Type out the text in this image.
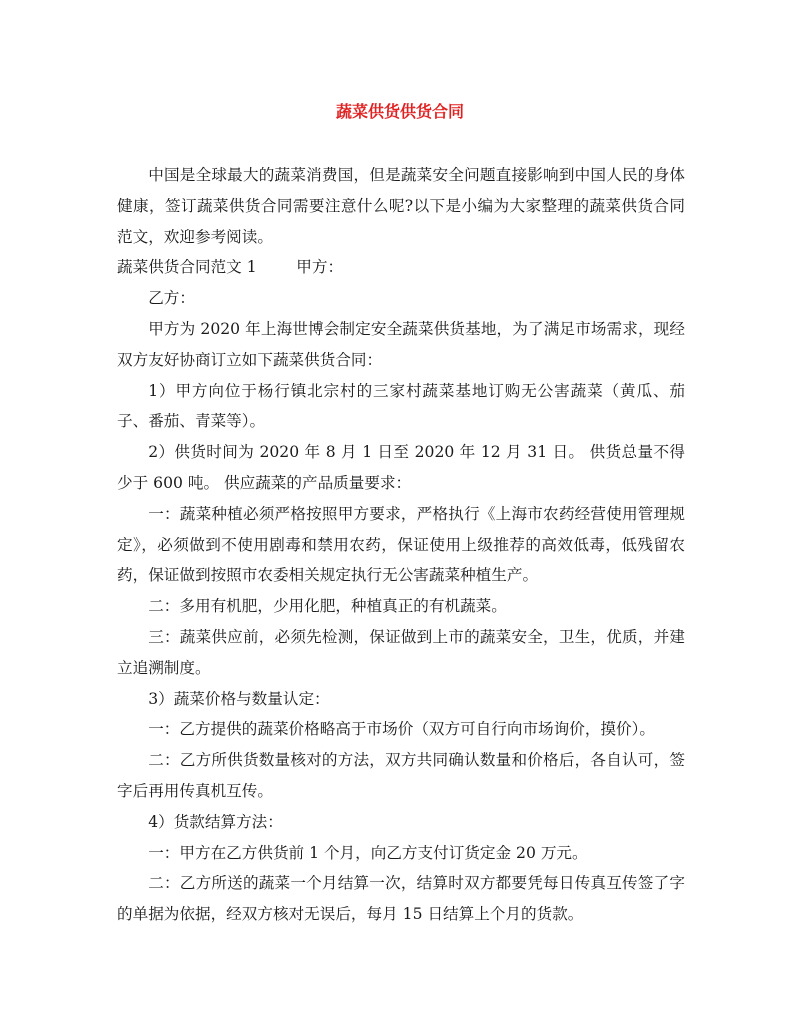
蔬菜供货供货合同

中国是全球最大的蔬菜消费国，但是蔬菜安全问题直接影响到中国人民的身体健康，签订蔬菜供货合同需要注意什么呢?以下是小编为大家整理的蔬菜供货合同范文，欢迎参考阅读。

蔬菜供货合同范文 1        甲方：

乙方：

甲方为 2020 年上海世博会制定安全蔬菜供货基地，为了满足市场需求，现经双方友好协商订立如下蔬菜供货合同：

1）甲方向位于杨行镇北宗村的三家村蔬菜基地订购无公害蔬菜（黄瓜、茄子、番茄、青菜等）。

2）供货时间为 2020 年 8 月 1 日至 2020 年 12 月 31 日。 供货总量不得少于 600 吨。 供应蔬菜的产品质量要求：

一：蔬菜种植必须严格按照甲方要求，严格执行《上海市农药经营使用管理规定》，必须做到不使用剧毒和禁用农药，保证使用上级推荐的高效低毒，低残留农药，保证做到按照市农委相关规定执行无公害蔬菜种植生产。

二：多用有机肥，少用化肥，种植真正的有机蔬菜。

三：蔬菜供应前，必须先检测，保证做到上市的蔬菜安全，卫生，优质，并建立追溯制度。

3）蔬菜价格与数量认定：

一：乙方提供的蔬菜价格略高于市场价（双方可自行向市场询价，摸价）。

二：乙方所供货数量核对的方法，双方共同确认数量和价格后，各自认可，签字后再用传真机互传。

4）货款结算方法：

一：甲方在乙方供货前 1 个月，向乙方支付订货定金 20 万元。

二：乙方所送的蔬菜一个月结算一次，结算时双方都要凭每日传真互传签了字的单据为依据，经双方核对无误后，每月 15 日结算上个月的货款。
